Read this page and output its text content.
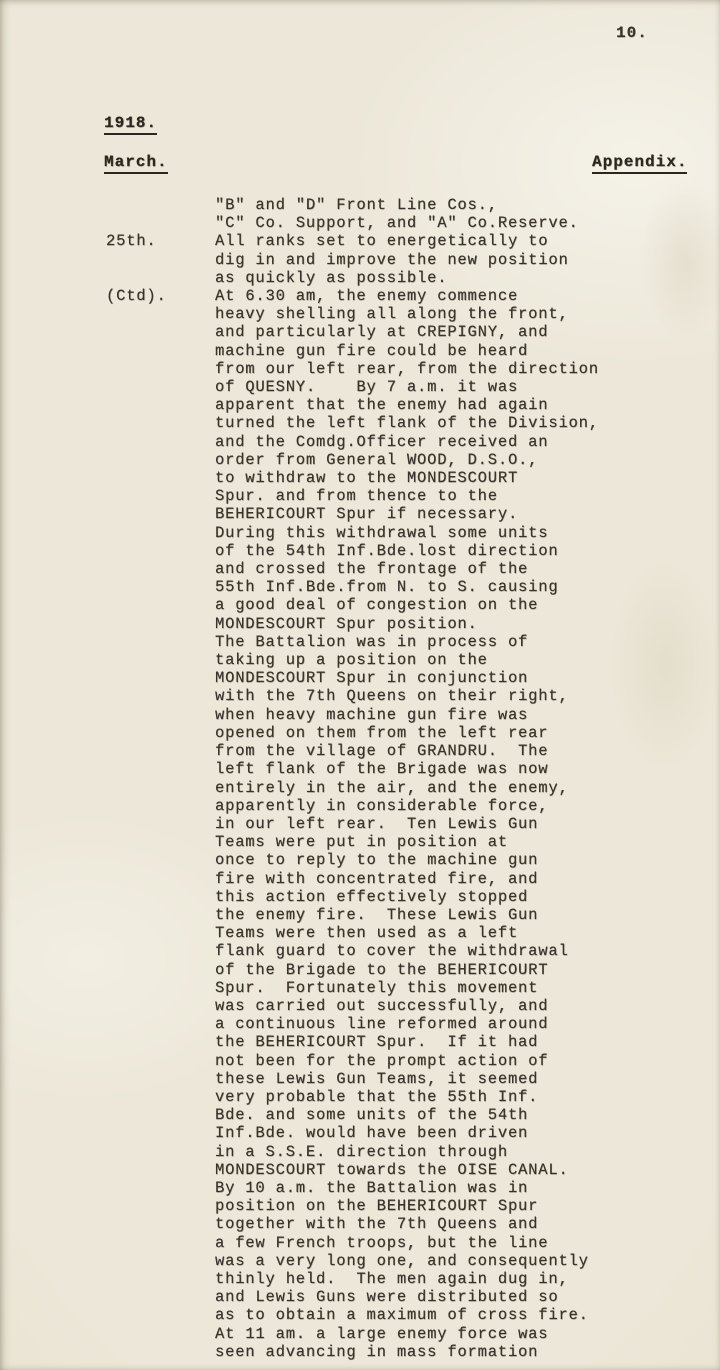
10.
1918.
March.	Appendix.

25th.

(Ctd).

"B" and "D" Front Line Cos.,
"C" Co. Support, and "A" Co.Reserve.
All ranks set to energetically to
dig in and improve the new position
as quickly as possible.
At 6.30 am, the enemy commence
heavy shelling all along the front,
and particularly at CREPIGNY, and
machine gun fire could be heard
from our left rear, from the direction
of QUESNY.    By 7 a.m. it was
apparent that the enemy had again
turned the left flank of the Division,
and the Comdg.Officer received an
order from General WOOD, D.S.O.,
to withdraw to the MONDESCOURT
Spur. and from thence to the
BEHERICOURT Spur if necessary.
During this withdrawal some units
of the 54th Inf.Bde.lost direction
and crossed the frontage of the
55th Inf.Bde.from N. to S. causing
a good deal of congestion on the
MONDESCOURT Spur position.
The Battalion was in process of
taking up a position on the
MONDESCOURT Spur in conjunction
with the 7th Queens on their right,
when heavy machine gun fire was
opened on them from the left rear
from the village of GRANDRU.  The
left flank of the Brigade was now
entirely in the air, and the enemy,
apparently in considerable force,
in our left rear.  Ten Lewis Gun
Teams were put in position at
once to reply to the machine gun
fire with concentrated fire, and
this action effectively stopped
the enemy fire.  These Lewis Gun
Teams were then used as a left
flank guard to cover the withdrawal
of the Brigade to the BEHERICOURT
Spur.  Fortunately this movement
was carried out successfully, and
a continuous line reformed around
the BEHERICOURT Spur.  If it had
not been for the prompt action of
these Lewis Gun Teams, it seemed
very probable that the 55th Inf.
Bde. and some units of the 54th
Inf.Bde. would have been driven
in a S.S.E. direction through
MONDESCOURT towards the OISE CANAL.
By 10 a.m. the Battalion was in
position on the BEHERICOURT Spur
together with the 7th Queens and
a few French troops, but the line
was a very long one, and consequently
thinly held.  The men again dug in,
and Lewis Guns were distributed so
as to obtain a maximum of cross fire.
At 11 am. a large enemy force was
seen advancing in mass formation
